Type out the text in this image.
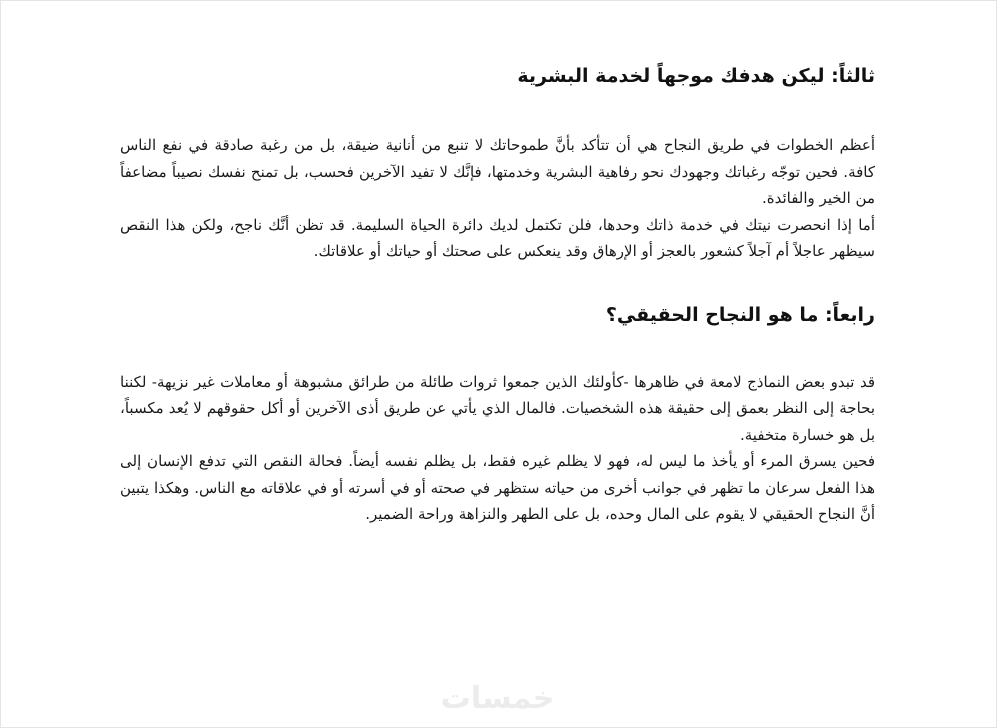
ثالثاً: ليكن هدفك موجهاً لخدمة البشرية

أعظم الخطوات في طريق النجاح هي أن تتأكد بأنَّ طموحاتك لا تنبع من أنانية ضيقة، بل من رغبة صادقة في نفع الناس كافة. فحين توجّه رغباتك وجهودك نحو رفاهية البشرية وخدمتها، فإنَّك لا تفيد الآخرين فحسب، بل تمنح نفسك نصيباً مضاعفاً من الخير والفائدة.

أما إذا انحصرت نيتك في خدمة ذاتك وحدها، فلن تكتمل لديك دائرة الحياة السليمة. قد تظن أنَّك ناجح، ولكن هذا النقص سيظهر عاجلاً أم آجلاً كشعور بالعجز أو الإرهاق وقد ينعكس على صحتك أو حياتك أو علاقاتك.

رابعاً: ما هو النجاح الحقيقي؟

قد تبدو بعض النماذج لامعة في ظاهرها -كأولئك الذين جمعوا ثروات طائلة من طرائق مشبوهة أو معاملات غير نزيهة- لكننا بحاجة إلى النظر بعمق إلى حقيقة هذه الشخصيات. فالمال الذي يأتي عن طريق أذى الآخرين أو أكل حقوقهم لا يُعد مكسباً، بل هو خسارة متخفية.

فحين يسرق المرء أو يأخذ ما ليس له، فهو لا يظلم غيره فقط، بل يظلم نفسه أيضاً. فحالة النقص التي تدفع الإنسان إلى هذا الفعل سرعان ما تظهر في جوانب أخرى من حياته ستظهر في صحته أو في أسرته أو في علاقاته مع الناس. وهكذا يتبين أنَّ النجاح الحقيقي لا يقوم على المال وحده، بل على الطهر والنزاهة وراحة الضمير.

خمسات
